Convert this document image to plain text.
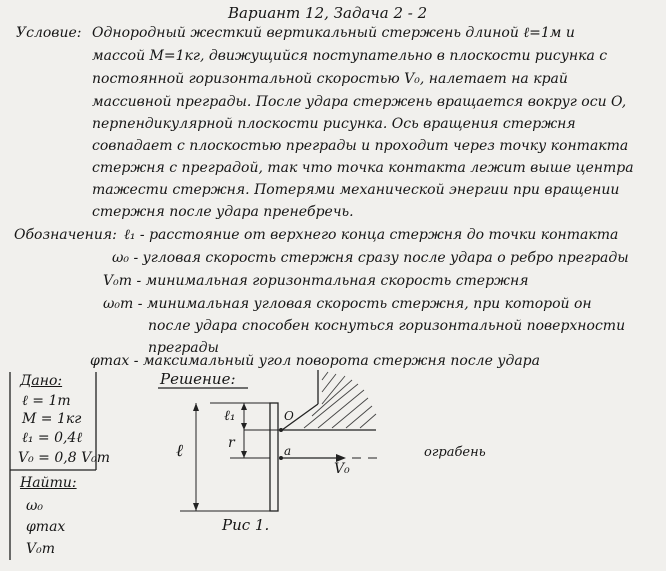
Вариант 12, Задача 2 - 2
Условие: Однородный жесткий вертикальный стержень длиной ℓ=1м и
массой M=1кг, движущийся поступательно в плоскости рисунка с
постоянной горизонтальной скоростью V₀, налетает на край
массивной преграды. После удара стержень вращается вокруг оси O,
перпендикулярной плоскости рисунка. Ось вращения стержня
совпадает с плоскостью преграды и проходит через точку контакта
стержня с преградой, так что точка контакта лежит выше центра
тажести стержня. Потерями механической энергии при вращении
стержня после удара пренебречь.
Обозначения: ℓ₁ - расстояние от верхнего конца стержня до точки контакта
ω₀ - угловая скорость стержня сразу после удара о ребро преграды
V₀m - минимальная горизонтальная скорость стержня
ω₀m - минимальная угловая скорость стержня, при которой он
после удара способен коснуться горизонтальной поверхности
преграды
φmax - максимальный угол поворота стержня после удара
Дано:
ℓ = 1m
M = 1кг
ℓ₁ = 0,4ℓ
V₀ = 0,8 V₀m
Найти:
ω₀
φmax
V₀m
Решение:
ℓ₁
r
ℓ
O
a
V₀
ограбень
Рис 1.
